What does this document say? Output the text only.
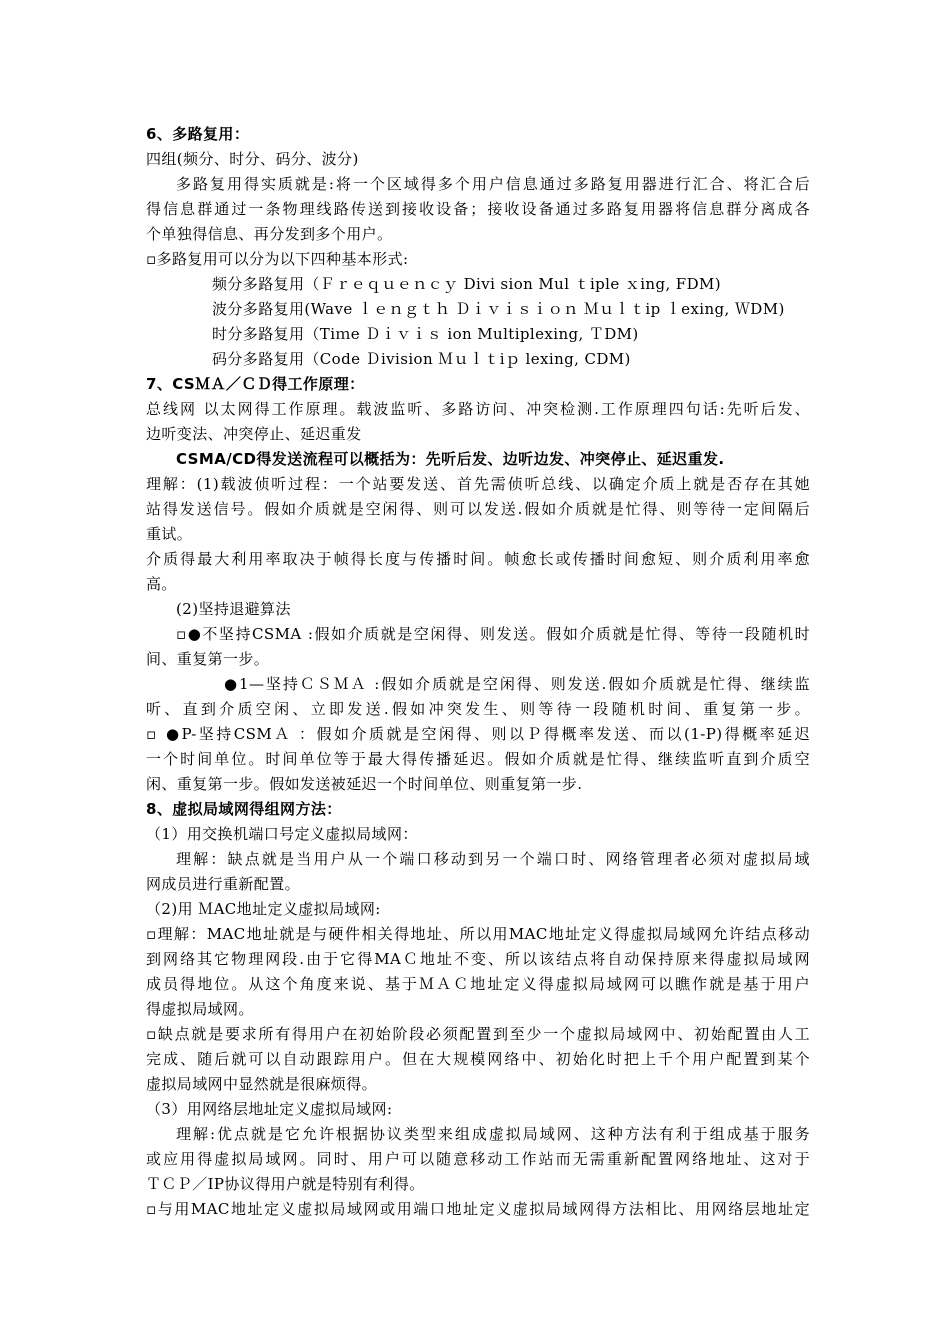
6、多路复用：
四组(频分、时分、码分、波分)
多路复用得实质就是:将一个区域得多个用户信息通过多路复用器进行汇合、将汇合后
得信息群通过一条物理线路传送到接收设备；接收设备通过多路复用器将信息群分离成各
个单独得信息、再分发到多个用户。
▫多路复用可以分为以下四种基本形式:
频分多路复用（Ｆｒｅｑｕｅｎｃｙ Divi sion Mul ｔiple ｘing, FDM)
波分多路复用(Wave ｌｅｎｇｔｈ Ｄｉｖｉｓｉｏｎ Ｍｕｌｔip ｌexing, ＷDM)
时分多路复用（Tiｍe Ｄｉｖｉｓ ion Multiplexing, ＴDM)
码分多路复用（Code Ｄivision Ｍｕｌｔiｐ lexing, CDM)
7、CSＭＡ／ＣＤ得工作原理：
总线网 以太网得工作原理。载波监听、多路访问、冲突检测.工作原理四句话:先听后发、
边听变法、冲突停止、延迟重发
CSMA/CD得发送流程可以概括为：先听后发、边听边发、冲突停止、延迟重发.
理解：(1)载波侦听过程：一个站要发送、首先需侦听总线、以确定介质上就是否存在其她
站得发送信号。假如介质就是空闲得、则可以发送.假如介质就是忙得、则等待一定间隔后
重试。
介质得最大利用率取决于帧得长度与传播时间。帧愈长或传播时间愈短、则介质利用率愈
高。
(2)坚持退避算法
▫●不坚持CSMA :假如介质就是空闲得、则发送。假如介质就是忙得、等待一段随机时
间、重复第一步。
●1—坚持ＣＳＭＡ :假如介质就是空闲得、则发送.假如介质就是忙得、继续监
听、直到介质空闲、立即发送.假如冲突发生、则等待一段随机时间、重复第一步。
▫ ●P-坚持CSMＡ ：假如介质就是空闲得、则以Ｐ得概率发送、而以(1-P)得概率延迟
一个时间单位。时间单位等于最大得传播延迟。假如介质就是忙得、继续监听直到介质空
闲、重复第一步。假如发送被延迟一个时间单位、则重复第一步.
8、虚拟局域网得组网方法：
（1）用交换机端口号定义虚拟局域网：
理解：缺点就是当用户从一个端口移动到另一个端口时、网络管理者必须对虚拟局域
网成员进行重新配置。
（2)用 ＭAC地址定义虚拟局域网:
▫理解：MAC地址就是与硬件相关得地址、所以用MAC地址定义得虚拟局域网允许结点移动
到网络其它物理网段.由于它得MAＣ地址不变、所以该结点将自动保持原来得虚拟局域网
成员得地位。从这个角度来说、基于ＭＡＣ地址定义得虚拟局域网可以瞧作就是基于用户
得虚拟局域网。
▫缺点就是要求所有得用户在初始阶段必须配置到至少一个虚拟局域网中、初始配置由人工
完成、随后就可以自动跟踪用户。但在大规模网络中、初始化时把上千个用户配置到某个
虚拟局域网中显然就是很麻烦得。
（3）用网络层地址定义虚拟局域网:
理解:优点就是它允许根据协议类型来组成虚拟局域网、这种方法有利于组成基于服务
或应用得虚拟局域网。同时、用户可以随意移动工作站而无需重新配置网络地址、这对于
ＴＣＰ／IP协议得用户就是特别有利得。
▫与用MAC地址定义虚拟局域网或用端口地址定义虚拟局域网得方法相比、用网络层地址定
